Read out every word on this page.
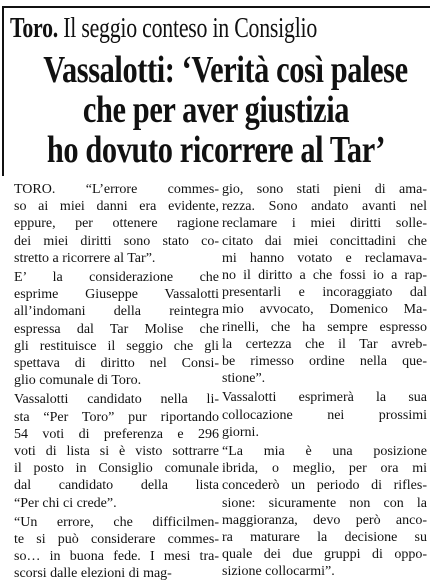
Toro. Il seggio conteso in Consiglio
Vassalotti: ‘Verità così palese
che per aver giustizia
ho dovuto ricorrere al Tar’
TORO. “L’errore commes-
so ai miei danni era evidente,
eppure, per ottenere ragione
dei miei diritti sono stato co-
stretto a ricorrere al Tar”.
E’ la considerazione che
esprime Giuseppe Vassalotti
all’indomani della reintegra
espressa dal Tar Molise che
gli restituisce il seggio che gli
spettava di diritto nel Consi-
glio comunale di Toro.
Vassalotti candidato nella li-
sta “Per Toro” pur riportando
54 voti di preferenza e 296
voti di lista si è visto sottrarre
il posto in Consiglio comunale
dal candidato della lista
“Per chi ci crede”.
“Un errore, che difficilmen-
te si può considerare commes-
so… in buona fede. I mesi tra-
scorsi dalle elezioni di mag-
gio, sono stati pieni di ama-
rezza. Sono andato avanti nel
reclamare i miei diritti solle-
citato dai miei concittadini che
mi hanno votato e reclamava-
no il diritto a che fossi io a rap-
presentarli e incoraggiato dal
mio avvocato, Domenico Ma-
rinelli, che ha sempre espresso
la certezza che il Tar avreb-
be rimesso ordine nella que-
stione”.
Vassalotti esprimerà la sua
collocazione nei prossimi
giorni.
“La mia è una posizione
ibrida, o meglio, per ora mi
concederò un periodo di rifles-
sione: sicuramente non con la
maggioranza, devo però anco-
ra maturare la decisione su
quale dei due gruppi di oppo-
sizione collocarmi”.
